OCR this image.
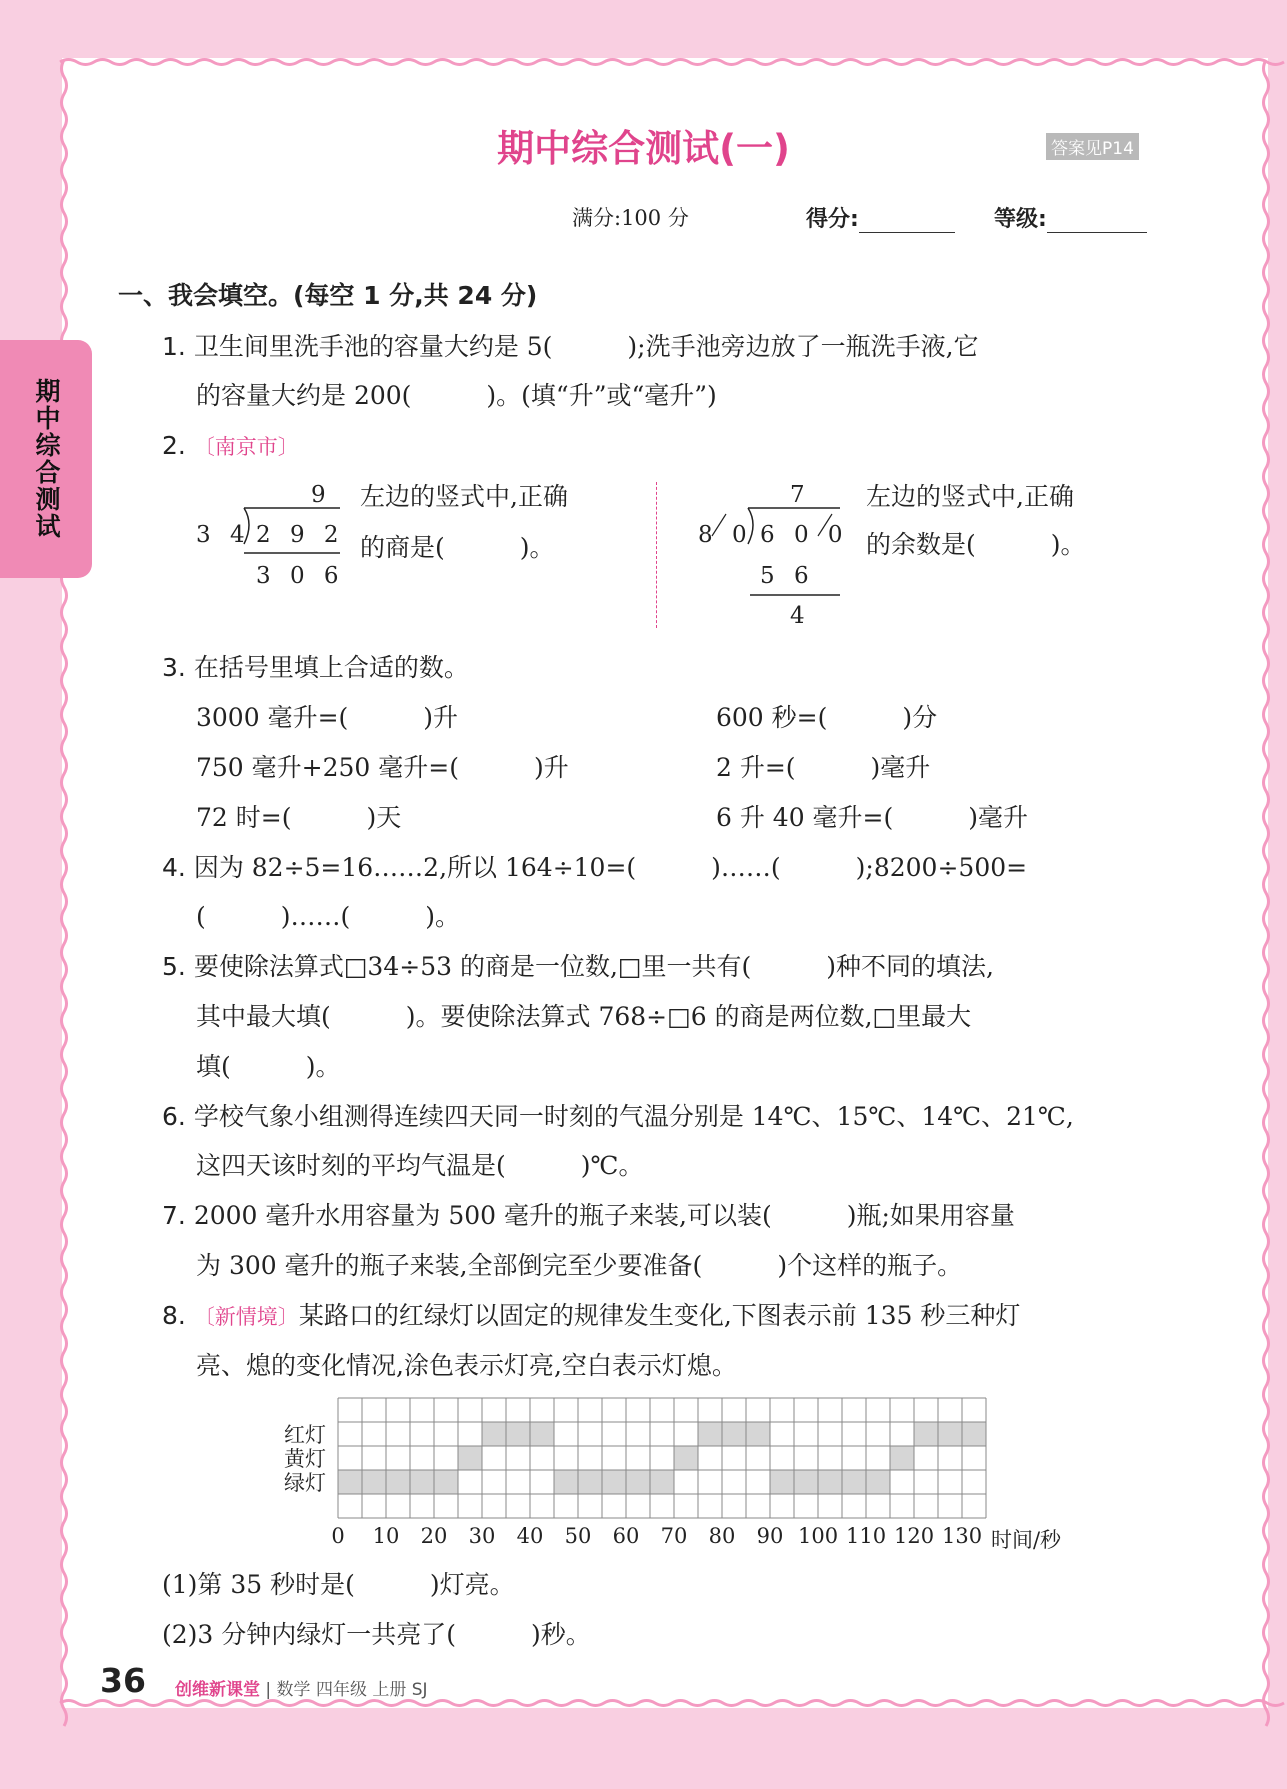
期中综合测试
期中综合测试(一)	答案见P14
满分:100 分	得分:	等级:
一、我会填空。(每空 1 分,共 24 分)
1. 卫生间里洗手池的容量大约是 5(　　　);洗手池旁边放了一瓶洗手液,它
的容量大约是 200(　　　)。(填“升”或“毫升”)
2. 〔南京市〕
9
3 4 2 9 2
3 0 6
左边的竖式中,正确
的商是(　　　)。
7
8 0 6 0 0
5 6
4
左边的竖式中,正确
的余数是(　　　)。
3. 在括号里填上合适的数。
3000 毫升=(　　　)升	600 秒=(　　　)分
750 毫升+250 毫升=(　　　)升	2 升=(　　　)毫升
72 时=(　　　)天	6 升 40 毫升=(　　　)毫升
4. 因为 82÷5=16……2,所以 164÷10=(　　　)……(　　　);8200÷500=
(　　　)……(　　　)。
5. 要使除法算式□34÷53 的商是一位数,□里一共有(　　　)种不同的填法,
其中最大填(　　　)。要使除法算式 768÷□6 的商是两位数,□里最大
填(　　　)。
6. 学校气象小组测得连续四天同一时刻的气温分别是 14℃、15℃、14℃、21℃,
这四天该时刻的平均气温是(　　　)℃。
7. 2000 毫升水用容量为 500 毫升的瓶子来装,可以装(　　　)瓶;如果用容量
为 300 毫升的瓶子来装,全部倒完至少要准备(　　　)个这样的瓶子。
8. 〔新情境〕某路口的红绿灯以固定的规律发生变化,下图表示前 135 秒三种灯
亮、熄的变化情况,涂色表示灯亮,空白表示灯熄。
红灯
黄灯
绿灯
0	10	20	30	40	50	60	70	80	90 100 110 120 130 时间/秒
(1)第 35 秒时是(　　　)灯亮。
(2)3 分钟内绿灯一共亮了(　　　)秒。
36 创维新课堂 | 数学 四年级 上册 SJ
